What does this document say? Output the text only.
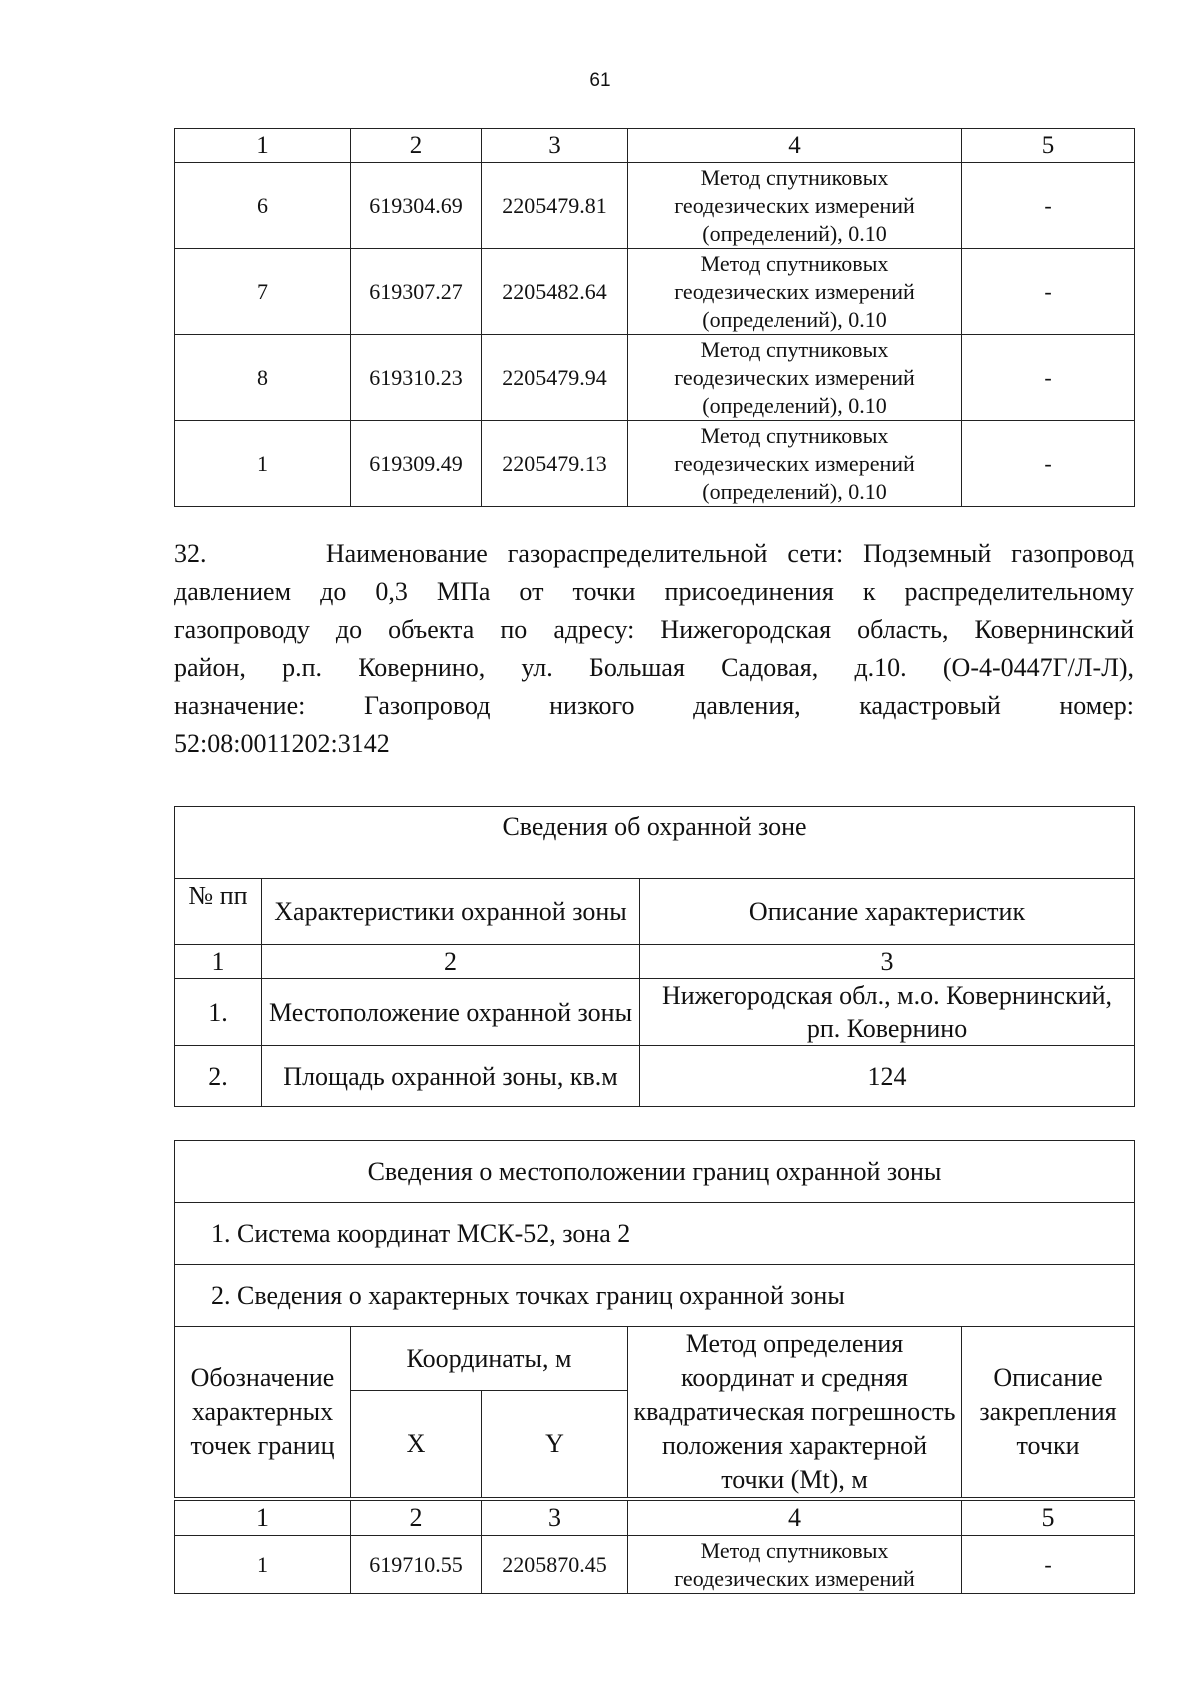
61
1	2	3	4	5
6	619304.69	2205479.81	Метод спутниковых
геодезических измерений
(определений), 0.10	-
7	619307.27	2205482.64	Метод спутниковых
геодезических измерений
(определений), 0.10	-
8	619310.23	2205479.94	Метод спутниковых
геодезических измерений
(определений), 0.10	-
1	619309.49	2205479.13	Метод спутниковых
геодезических измерений
(определений), 0.10	-
32.      Наименование газораспределительной сети: Подземный газопровод
давлением до 0,3 МПа от точки присоединения к распределительному
газопроводу до объекта по адресу: Нижегородская область, Ковернинский
район, р.п. Ковернино, ул. Большая Садовая, д.10. (О-4-0447Г/Л-Л),
назначение: Газопровод низкого давления, кадастровый номер:
52:08:0011202:3142
Сведения об охранной зоне		
№ пп	Характеристики охранной зоны	Описание характеристик
1	2	3
1.	Местоположение охранной зоны	Нижегородская обл., м.о. Ковернинский, рп. Ковернино
2.	Площадь охранной зоны, кв.м	124
Сведения о местоположении границ охранной зоны				
1. Система координат МСК-52, зона 2				
2. Сведения о характерных точках границ охранной зоны				
Обозначение характерных точек границ	Координаты, м		Метод определения координат и средняя квадратическая погрешность положения характерной точки (Mt), м	Описание закрепления точки
	X	Y		
1	2	3	4	5
1	619710.55	2205870.45	Метод спутниковых
геодезических измерений	-
